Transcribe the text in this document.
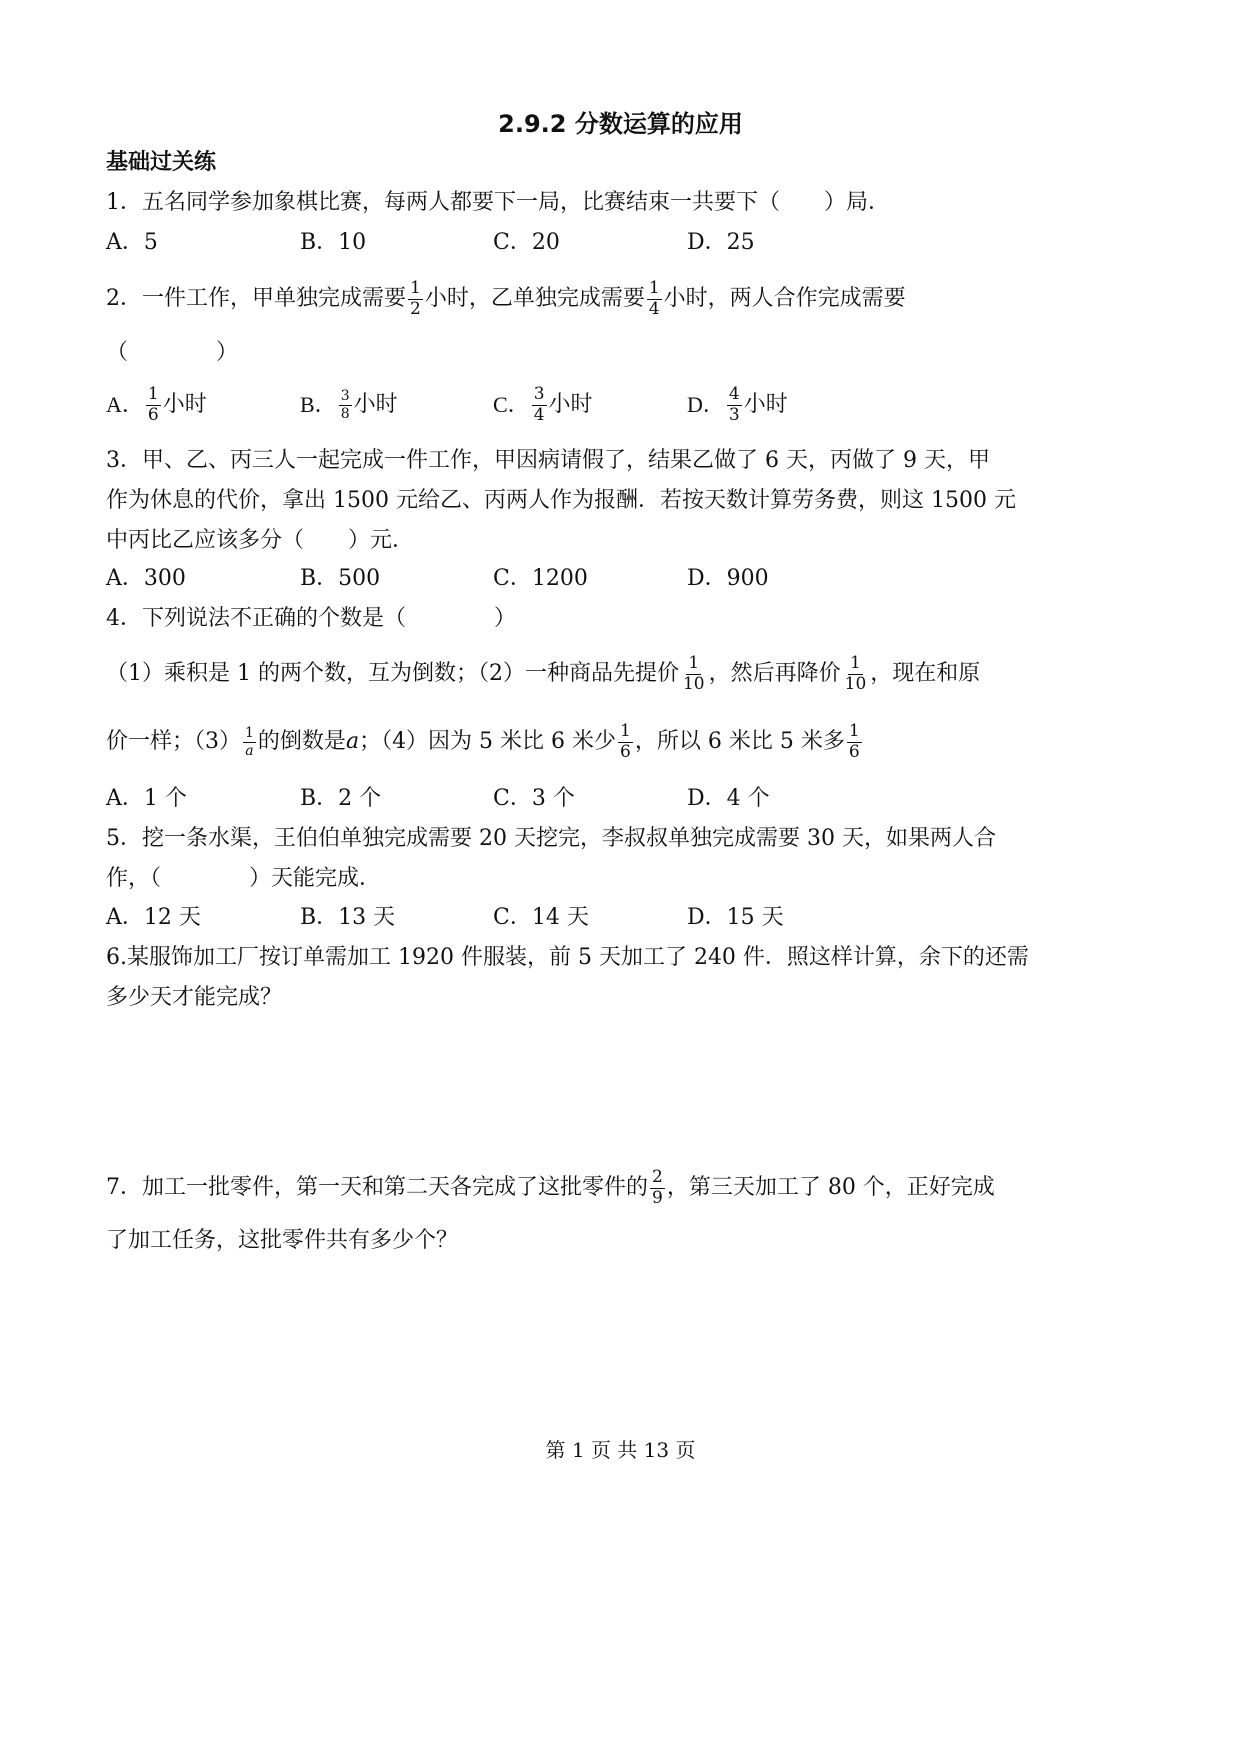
2.9.2 分数运算的应用
基础过关练
1．五名同学参加象棋比赛，每两人都要下一局，比赛结束一共要下（　　）局．
A．5	B．10	C．20	D．25
2．一件工作，甲单独完成需要 $\frac{1}{2}$ 小时，乙单独完成需要 $\frac{1}{4}$ 小时，两人合作完成需要
（　　　　）
A． $\frac{1}{6}$ 小时	B． $\frac{3}{8}$ 小时	C． $\frac{3}{4}$ 小时	D． $\frac{4}{3}$ 小时
3．甲、乙、丙三人一起完成一件工作，甲因病请假了，结果乙做了 6 天，丙做了 9 天，甲
作为休息的代价，拿出 1500 元给乙、丙两人作为报酬．若按天数计算劳务费，则这 1500 元
中丙比乙应该多分（　　）元．
A．300	B．500	C．1200	D．900
4．下列说法不正确的个数是（　　　　）
（1）乘积是 1 的两个数，互为倒数；（2）一种商品先提价 $\frac{1}{10}$ ，然后再降价 $\frac{1}{10}$ ，现在和原
价一样；$(3) \frac{1}{a}$ 的倒数是 a ；（4）因为 5 米比 6 米少 $\frac{1}{6}$ ，所以 6 米比 5 米多 $\frac{1}{6}$
A．1 个	B．2 个	C．3 个	D．4 个
5．挖一条水渠，王伯伯单独完成需要 20 天挖完，李叔叔单独完成需要 30 天，如果两人合
作，（　　　　）天能完成．
A．12 天	B．13 天	C．14 天	D．15 天
6.某服饰加工厂按订单需加工 1920 件服装，前 5 天加工了 240 件．照这样计算，余下的还需
多少天才能完成？
7．加工一批零件，第一天和第二天各完成了这批零件的 $\frac{2}{9}$ ，第三天加工了 80 个，正好完成
了加工任务，这批零件共有多少个？
第 1 页 共 13 页
